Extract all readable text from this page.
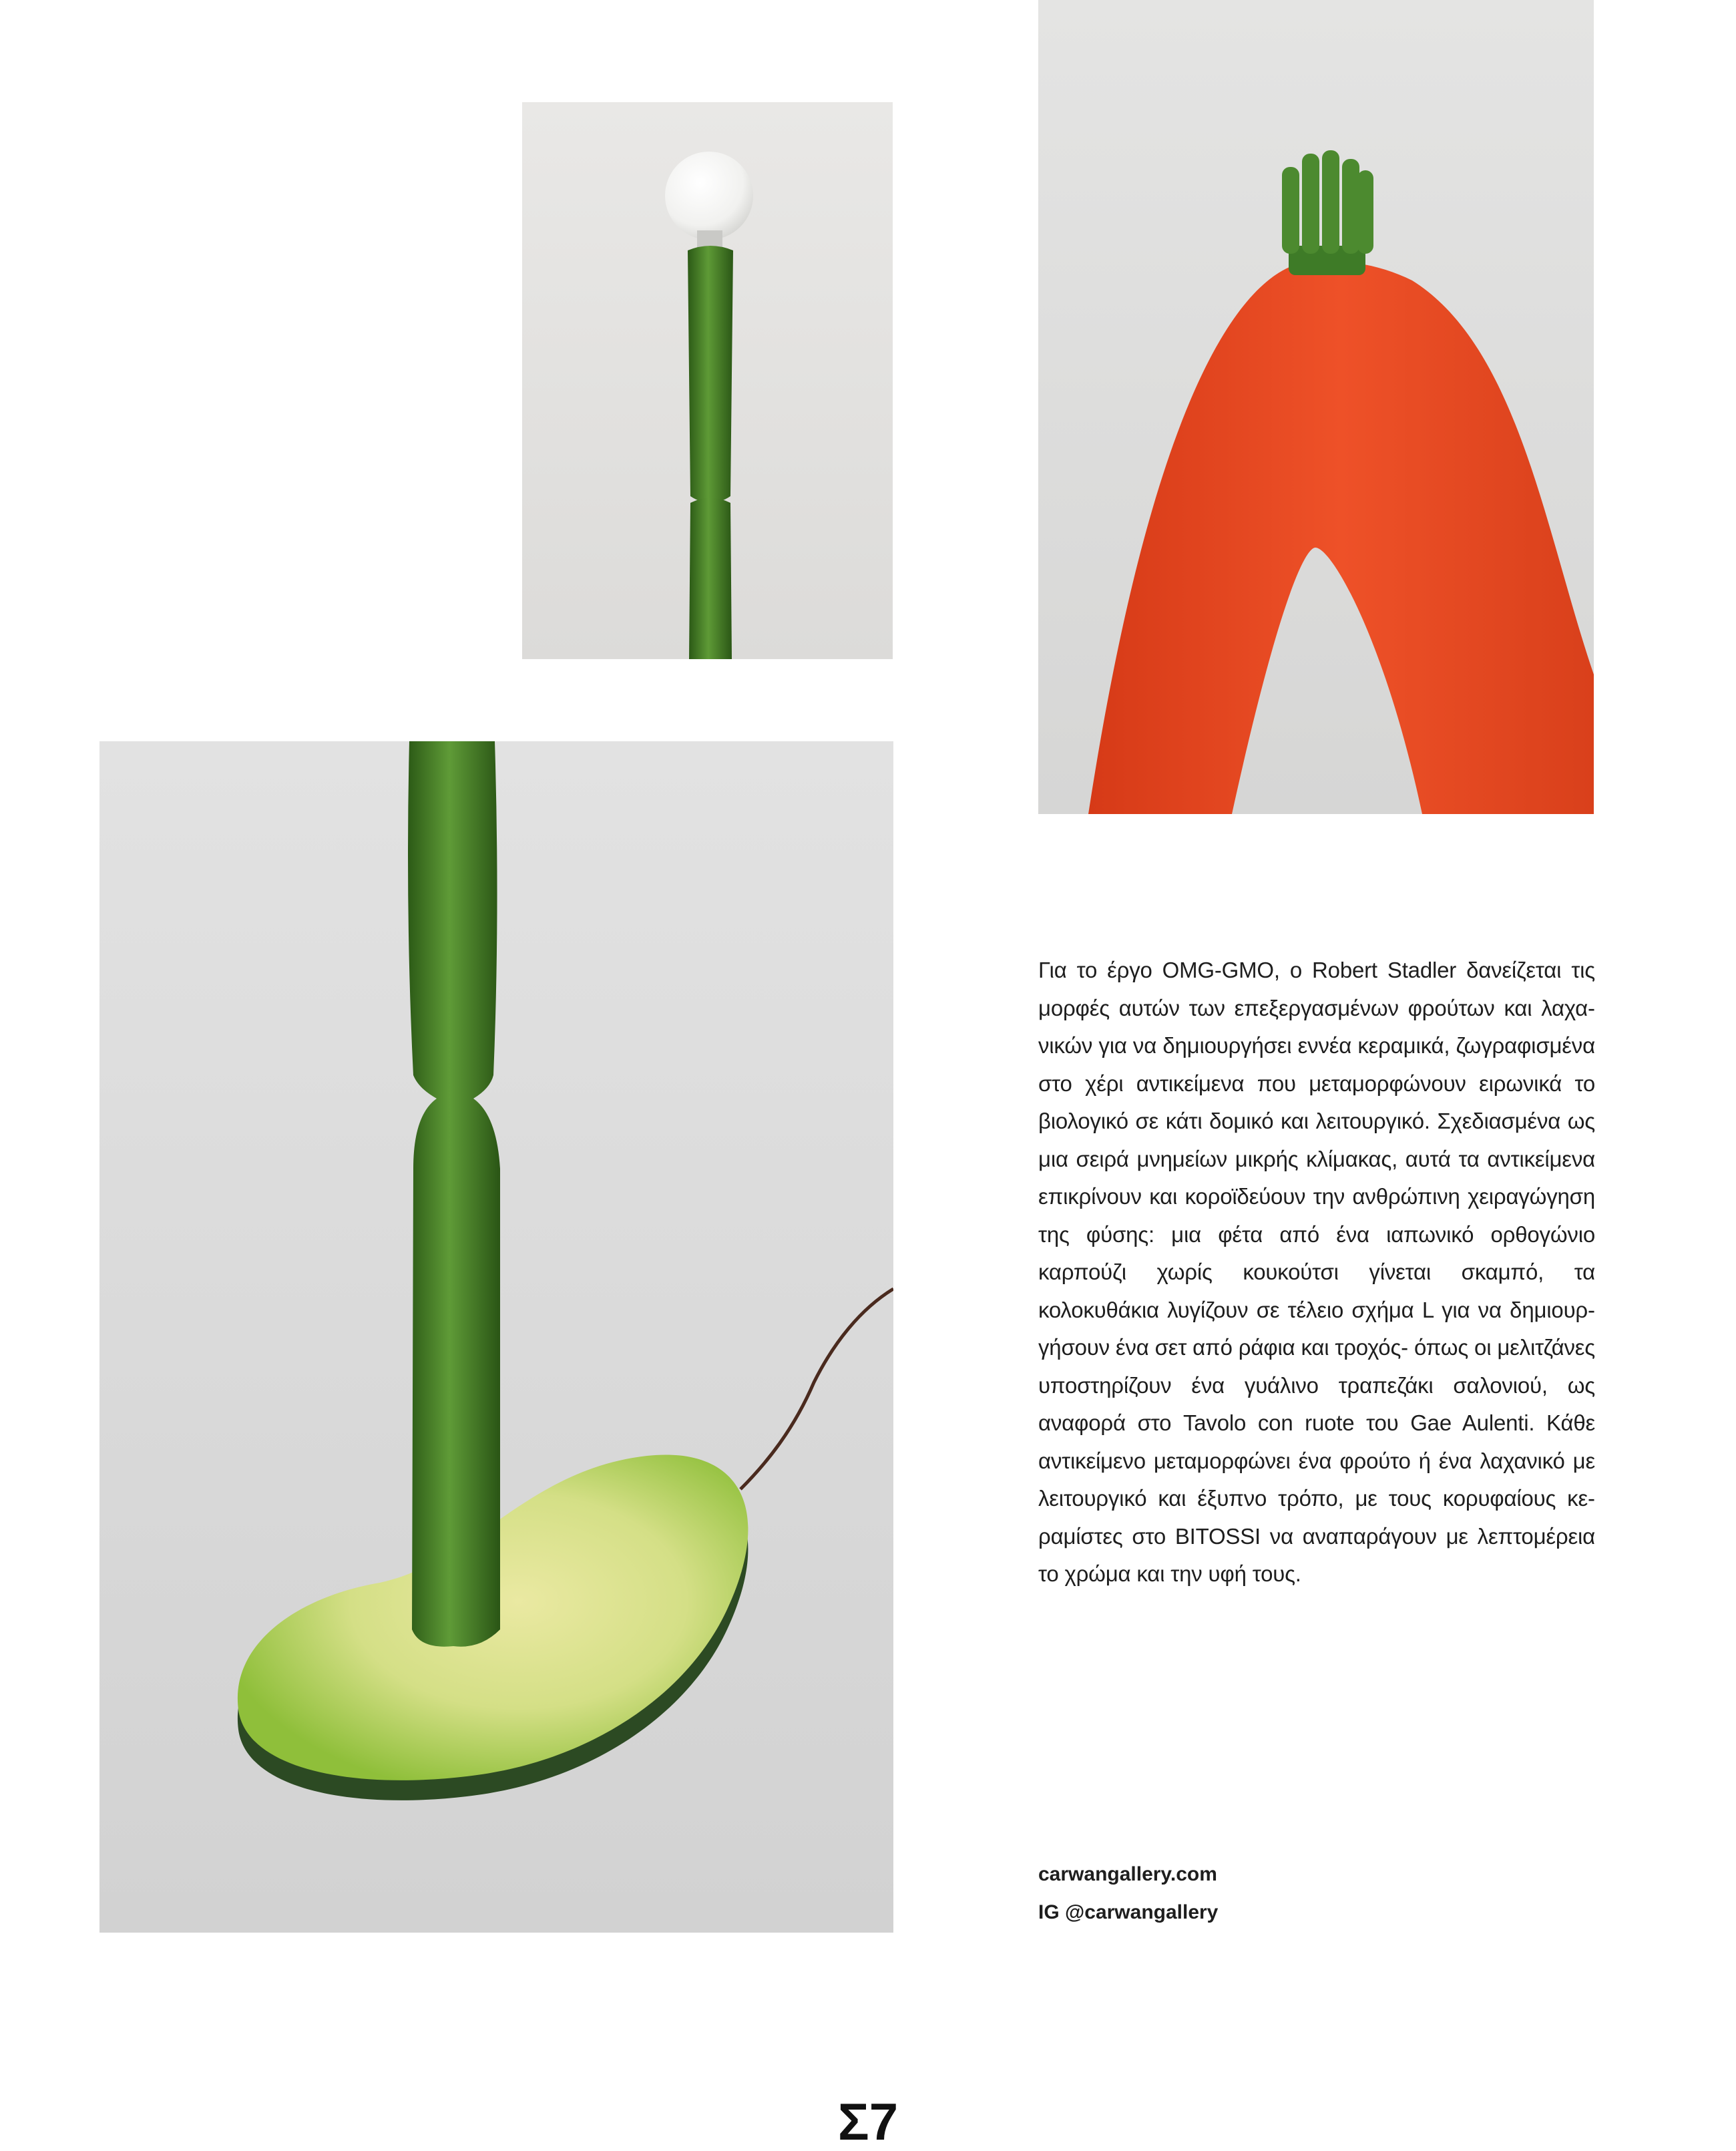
Για το έργο OMG-GMO, ο Robert Stadler δανείζεται τις μορφές αυτών των επεξεργασμένων φρούτων και λαχανικών για να δημιουργήσει εννέα κεραμικά, ζωγραφισμένα στο χέρι αντικείμενα που μεταμορφώνουν ειρωνικά το βιολογικό σε κάτι δομικό και λειτουργικό. Σχεδιασμένα ως μια σειρά μνημείων μικρής κλίμακας, αυτά τα αντικείμενα επικρίνουν και κοροϊδεύουν την ανθρώπινη χειραγώγηση της φύσης: μια φέτα από ένα ιαπωνικό ορθογώνιο καρπούζι χωρίς κουκούτσι γίνεται σκαμπό, τα κολοκυθάκια λυγίζουν σε τέλειο σχήμα L για να δημιουργήσουν ένα σετ από ράφια και τροχός- όπως οι μελιτζάνες υποστηρίζουν ένα γυάλινο τραπεζάκι σαλονιού, ως αναφορά στο Tavolo con ruote του Gae Aulenti. Κάθε αντικείμενο μεταμορφώνει ένα φρούτο ή ένα λαχανικό με λειτουργικό και έξυπνο τρόπο, με τους κορυφαίους κεραμίστες στο BITOSSI να αναπαράγουν με λεπτομέρεια το χρώμα και την υφή τους.

carwangallery.com
IG @carwangallery
Σ7
